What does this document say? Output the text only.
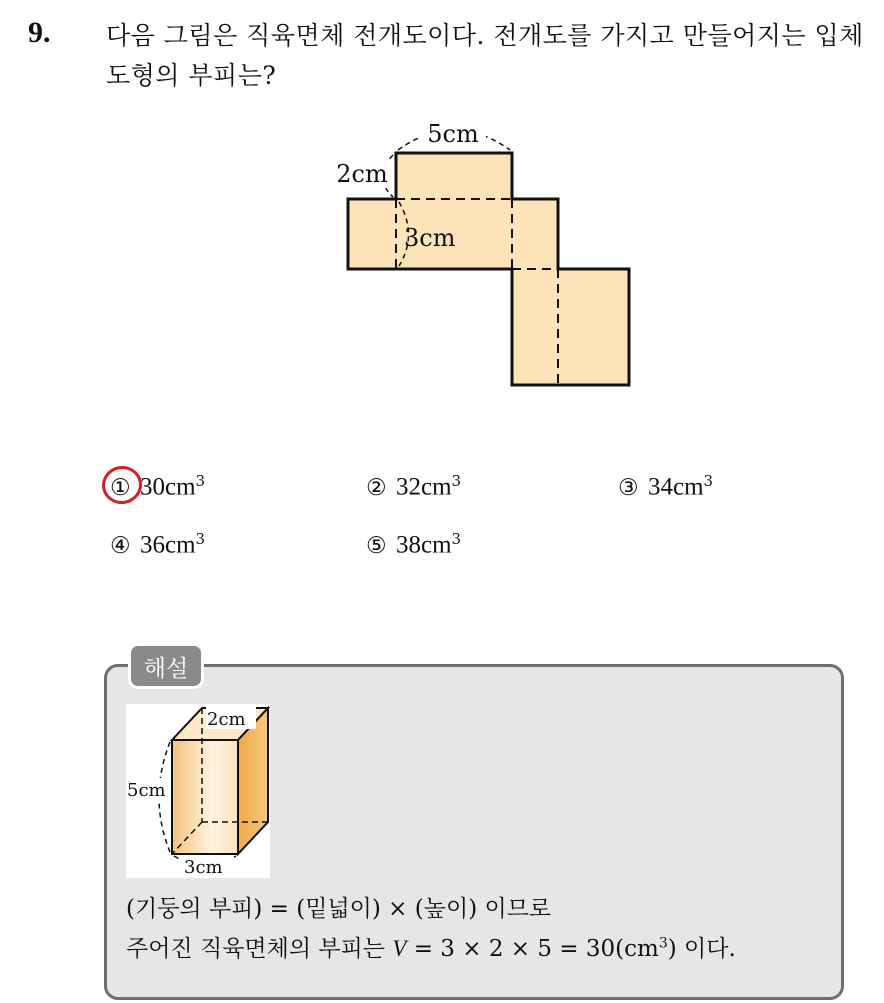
9. 다음 그림은 직육면체 전개도이다. 전개도를 가지고 만들어지는 입체
도형의 부피는?
5cm
2cm
3cm
① $30cm^3$	② $32cm^3$	③ $34cm^3$
④ $36cm^3$	⑤ $38cm^3$
해설
2cm
5cm
3cm
(기둥의 부피) = (밑넓이) × (높이) 이므로
주어진 직육면체의 부피는 $V = 3 \times 2 \times 5 = 30(cm^3)$ 이다.
